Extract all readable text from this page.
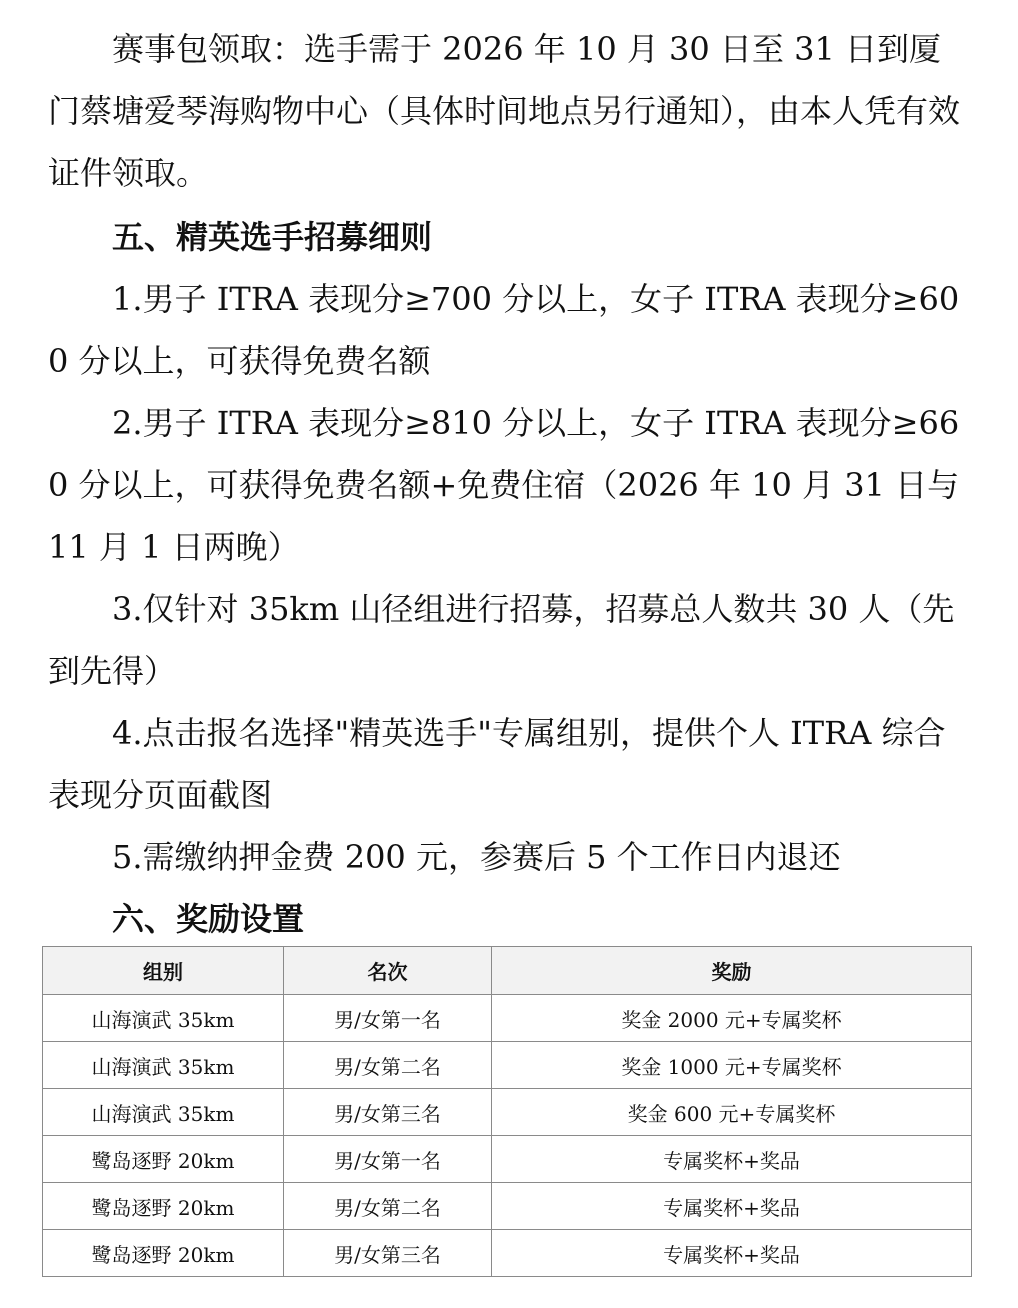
赛事包领取：选手需于 2026 年 10 月 30 日至 31 日到厦门蔡塘爱琴海购物中心（具体时间地点另行通知），由本人凭有效证件领取。

五、精英选手招募细则

1.男子 ITRA 表现分≥700 分以上，女子 ITRA 表现分≥600 分以上，可获得免费名额

2.男子 ITRA 表现分≥810 分以上，女子 ITRA 表现分≥660 分以上，可获得免费名额+免费住宿（2026 年 10 月 31 日与 11 月 1 日两晚）

3.仅针对 35km 山径组进行招募，招募总人数共 30 人（先到先得）

4.点击报名选择"精英选手"专属组别，提供个人 ITRA 综合表现分页面截图

5.需缴纳押金费 200 元，参赛后 5 个工作日内退还

六、奖励设置
组别	名次	奖励
山海演武 35km	男/女第一名	奖金 2000 元+专属奖杯
山海演武 35km	男/女第二名	奖金 1000 元+专属奖杯
山海演武 35km	男/女第三名	奖金 600 元+专属奖杯
鹭岛逐野 20km	男/女第一名	专属奖杯+奖品
鹭岛逐野 20km	男/女第二名	专属奖杯+奖品
鹭岛逐野 20km	男/女第三名	专属奖杯+奖品
